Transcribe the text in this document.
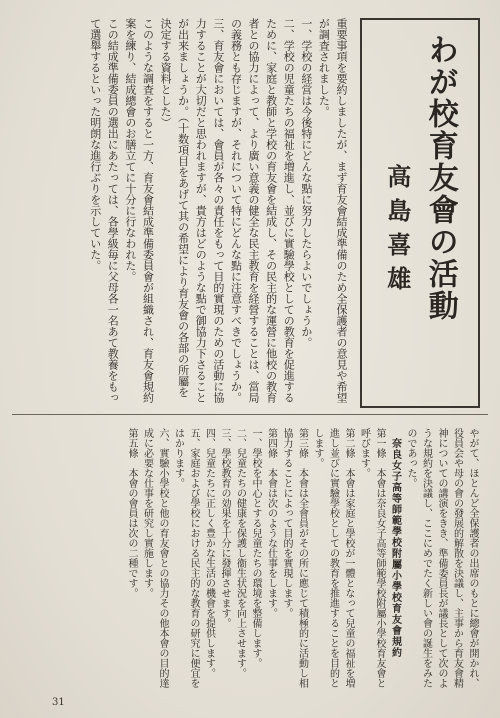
わが校育友會の活動
高島喜雄

重要事項を要約しましたが、まず育友會結成準備のため全保護者の意見や希望が調査されました。

一、学校の経営は今後特にどんな點に努力したらよいでしょうか。

二、学校の児童たちの福祉を増進し、並びに實驗學校としての教育を促進するために、家庭と教師と学校の育友會を結成し、その民主的な運營に他校の教育者との協力によって、より廣い意義の健全な民主教育を経營することは、當局の義務とも存じますが、それについて特にどんな點に注意すべきでしょうか。

三、育友會においては、會員が各々の責任をもって目的實現のための活動に協力することが大切だと思われますが、貴方はどのような點で御協力下さることが出来ましょうか。（十数項目をあげて其の希望により育友會の各部の所屬を決定する資料とした）

このような調査をすると一方、育友會結成準備委員會が組織され、育友會規約案を練り、結成總會のお膳立てに十分に行なわれた。

この結成準備委員の選出にあたっては、各學級毎に父母各一名あて教養をもって選舉するといった明朗な進行ぶりを示していた。

やがて、ほとんど全保護者の出席のもとに總會が開かれ、役員会や母の會の發展的解散を決議し、主事から育友會精神についての講演をきき、準備委員長が議長として次のような規約を決議し、ここにめでたく新しい會の誕生をみたのであった。

奈良女子高等師範學校附屬小學校育友會規約

第一條　本會は奈良女子高等師範學校附屬小學校育友會と呼びます。

第二條　本會は家庭と學校が一體となって兒童の福祉を増進し並びに實驗學校としての教育を推進することを目的とします。

第三條　本會は全會員がその所に應じて積極的に活動し相協力することによって目的を實現します。

第四條　本會は次のような仕事をします。

一、學校を中心とする兒童たちの環境を整備します。

二、兒童たちの健康を保護し衞生状況を向上させます。

三、學校教育の効果を十分に發揮させます。

四、兒童たちに正しく豊かな生活の機會を提供します。

五、家庭および學校における民主的な教育の研究に便宜をはかります。

六、實驗小學校と他の育友會との協力その他本會の目的達成に必要な仕事を研究し實施します。

第五條　本會の會員は次の二種です。

31
